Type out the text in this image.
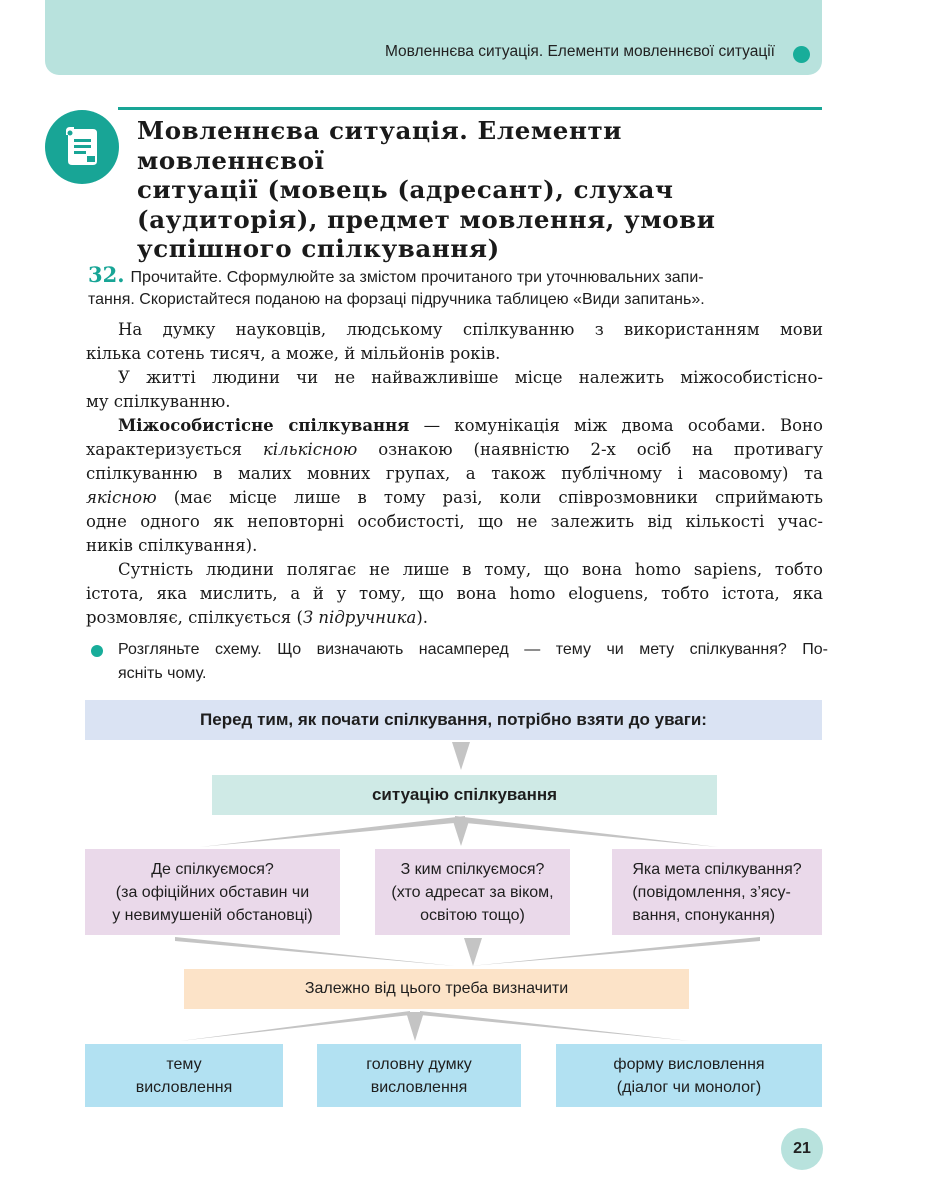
Мовленнєва ситуація. Елементи мовленнєвої ситуації
Мовленнєва ситуація. Елементи мовленнєвої
ситуації (мовець (адресант), слухач
(аудиторія), предмет мовлення, умови
успішного спілкування)
32. Прочитайте. Сформулюйте за змістом прочитаного три уточнювальних запи-
тання. Скористайтеся поданою на форзаці підручника таблицею «Види запитань».

На думку науковців, людському спілкуванню з використанням мови

кілька сотень тисяч, а може, й мільйонів років.

У житті людини чи не найважливіше місце належить міжособистісно-

му спілкуванню.

Міжособистісне спілкування — комунікація між двома особами. Воно

характеризується кількісною ознакою (наявністю 2-х осіб на противагу

спілкуванню в малих мовних групах, а також публічному і масовому) та

якісною (має місце лише в тому разі, коли співрозмовники сприймають

одне одного як неповторні особистості, що не залежить від кількості учас-

ників спілкування).

Сутність людини полягає не лише в тому, що вона homo sapiens, тобто

істота, яка мислить, а й у тому, що вона homo eloguens, тобто істота, яка

розмовляє, спілкується (З підручника).

Розгляньте схему. Що визначають насамперед — тему чи мету спілкування? По-
ясніть чому.
Перед тим, як почати спілкування, потрібно взяти до уваги:
ситуацію спілкування
Де спілкуємося?
(за офіційних обставин чи
у невимушеній обстановці)
З ким спілкуємося?
(хто адресат за віком,
освітою тощо)
Яка мета спілкування?
(повідомлення, з’ясу-
вання, спонукання)
Залежно від цього треба визначити
тему
висловлення
головну думку
висловлення
форму висловлення
(діалог чи монолог)
21
